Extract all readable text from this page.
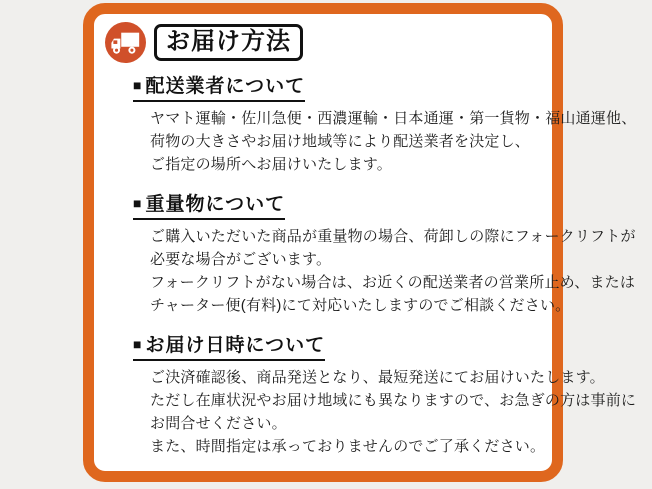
お届け方法
■ 配送業者について

ヤマト運輸・佐川急便・西濃運輸・日本通運・第一貨物・福山通運他、

荷物の大きさやお届け地域等により配送業者を決定し、

ご指定の場所へお届けいたします。

■ 重量物について

ご購入いただいた商品が重量物の場合、荷卸しの際にフォークリフトが

必要な場合がございます。

フォークリフトがない場合は、お近くの配送業者の営業所止め、または

チャーター便(有料)にて対応いたしますのでご相談ください。

■ お届け日時について

ご決済確認後、商品発送となり、最短発送にてお届けいたします。

ただし在庫状況やお届け地域にも異なりますので、お急ぎの方は事前に

お問合せください。

また、時間指定は承っておりませんのでご了承ください。
